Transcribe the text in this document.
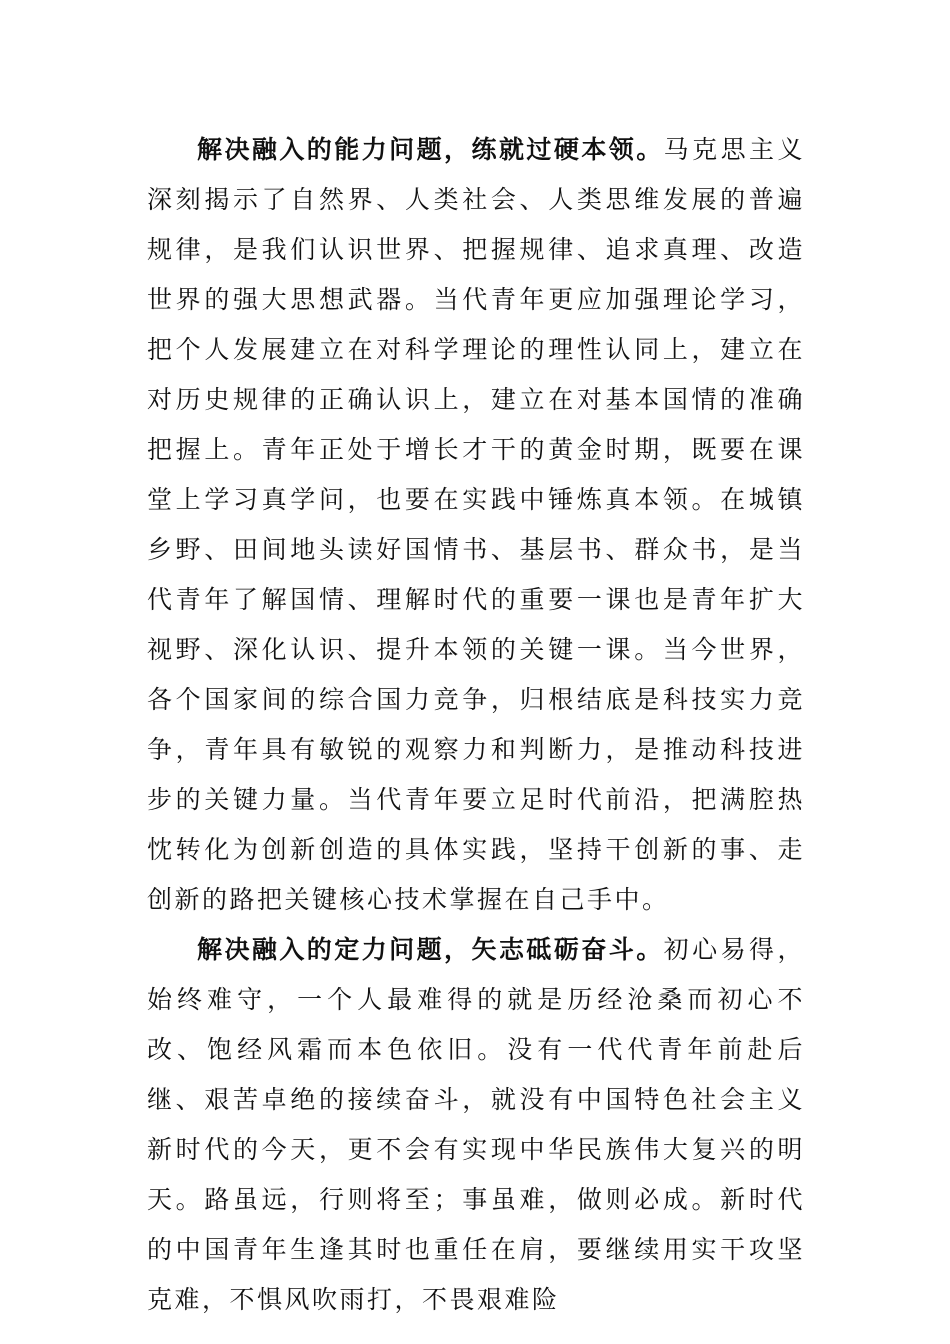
解决融入的能力问题，练就过硬本领。马克思主义深刻揭示了自然界、人类社会、人类思维发展的普遍规律，是我们认识世界、把握规律、追求真理、改造世界的强大思想武器。当代青年更应加强理论学习，把个人发展建立在对科学理论的理性认同上，建立在对历史规律的正确认识上，建立在对基本国情的准确把握上。青年正处于增长才干的黄金时期，既要在课堂上学习真学问，也要在实践中锤炼真本领。在城镇乡野、田间地头读好国情书、基层书、群众书，是当代青年了解国情、理解时代的重要一课也是青年扩大视野、深化认识、提升本领的关键一课。当今世界，各个国家间的综合国力竞争，归根结底是科技实力竞争，青年具有敏锐的观察力和判断力，是推动科技进步的关键力量。当代青年要立足时代前沿，把满腔热忱转化为创新创造的具体实践，坚持干创新的事、走创新的路把关键核心技术掌握在自己手中。

解决融入的定力问题，矢志砥砺奋斗。初心易得，始终难守，一个人最难得的就是历经沧桑而初心不改、饱经风霜而本色依旧。没有一代代青年前赴后继、艰苦卓绝的接续奋斗，就没有中国特色社会主义新时代的今天，更不会有实现中华民族伟大复兴的明天。路虽远，行则将至；事虽难，做则必成。新时代的中国青年生逢其时也重任在肩，要继续用实干攻坚克难，不惧风吹雨打，不畏艰难险
